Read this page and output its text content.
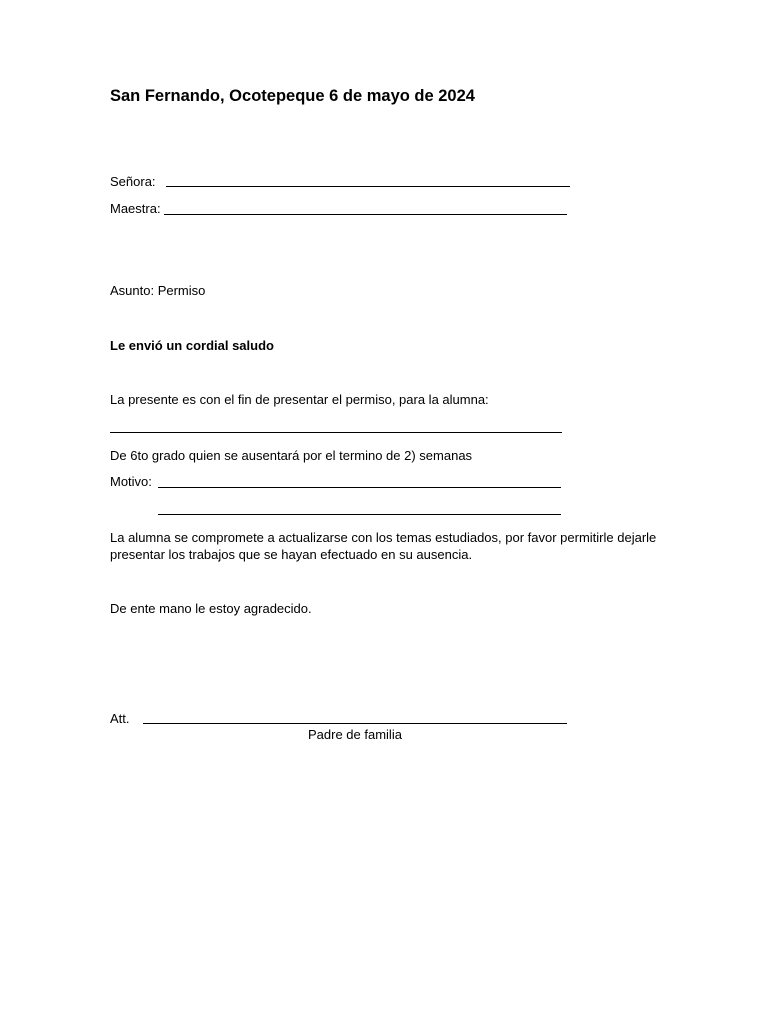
San Fernando, Ocotepeque 6 de mayo de 2024
Señora:
Maestra:
Asunto: Permiso
Le envió un cordial saludo
La presente es con el fin de presentar el permiso, para la alumna:
De 6to grado quien se ausentará por el termino de 2) semanas
Motivo:
La alumna se compromete a actualizarse con los temas estudiados, por favor permitirle dejarle presentar los trabajos que se hayan efectuado en su ausencia.
De ente mano le estoy agradecido.
Att.
Padre de familia
